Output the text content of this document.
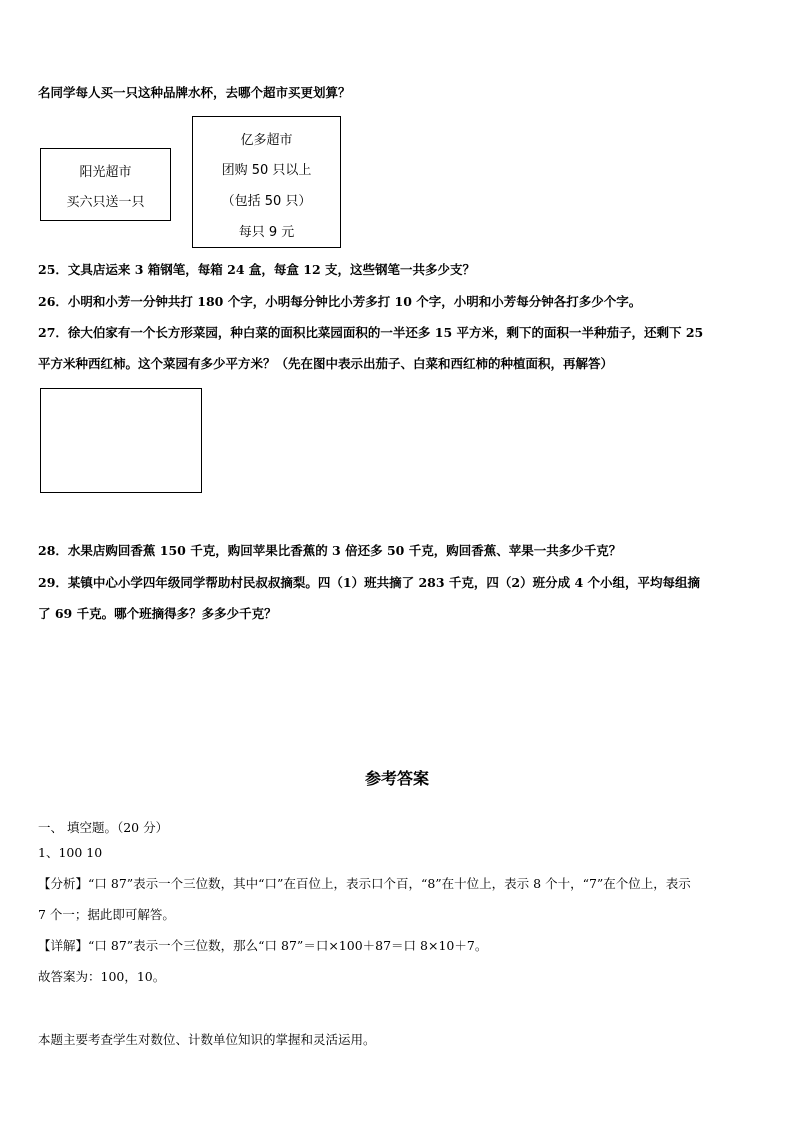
名同学每人买一只这种品牌水杯，去哪个超市买更划算？
阳光超市
买六只送一只
亿多超市
团购 50 只以上
（包括 50 只）
每只 9 元
25．文具店运来 3 箱钢笔，每箱 24 盒，每盒 12 支，这些钢笔一共多少支？
26．小明和小芳一分钟共打 180 个字，小明每分钟比小芳多打 10 个字，小明和小芳每分钟各打多少个字。
27．徐大伯家有一个长方形菜园，种白菜的面积比菜园面积的一半还多 15 平方米，剩下的面积一半种茄子，还剩下 25
平方米种西红柿。这个菜园有多少平方米？（先在图中表示出茄子、白菜和西红柿的种植面积，再解答）
28．水果店购回香蕉 150 千克，购回苹果比香蕉的 3 倍还多 50 千克，购回香蕉、苹果一共多少千克？
29．某镇中心小学四年级同学帮助村民叔叔摘梨。四（1）班共摘了 283 千克，四（2）班分成 4 个小组，平均每组摘
了 69 千克。哪个班摘得多？多多少千克？
参考答案
一、 填空题。（20 分）
1、100 10
【分析】“口 87”表示一个三位数，其中“口”在百位上，表示口个百，“8”在十位上，表示 8 个十，“7”在个位上，表示
7 个一；据此即可解答。
【详解】“口 87”表示一个三位数，那么“口 87”＝口×100＋87＝口 8×10＋7。
故答案为：100，10。
本题主要考查学生对数位、计数单位知识的掌握和灵活运用。
